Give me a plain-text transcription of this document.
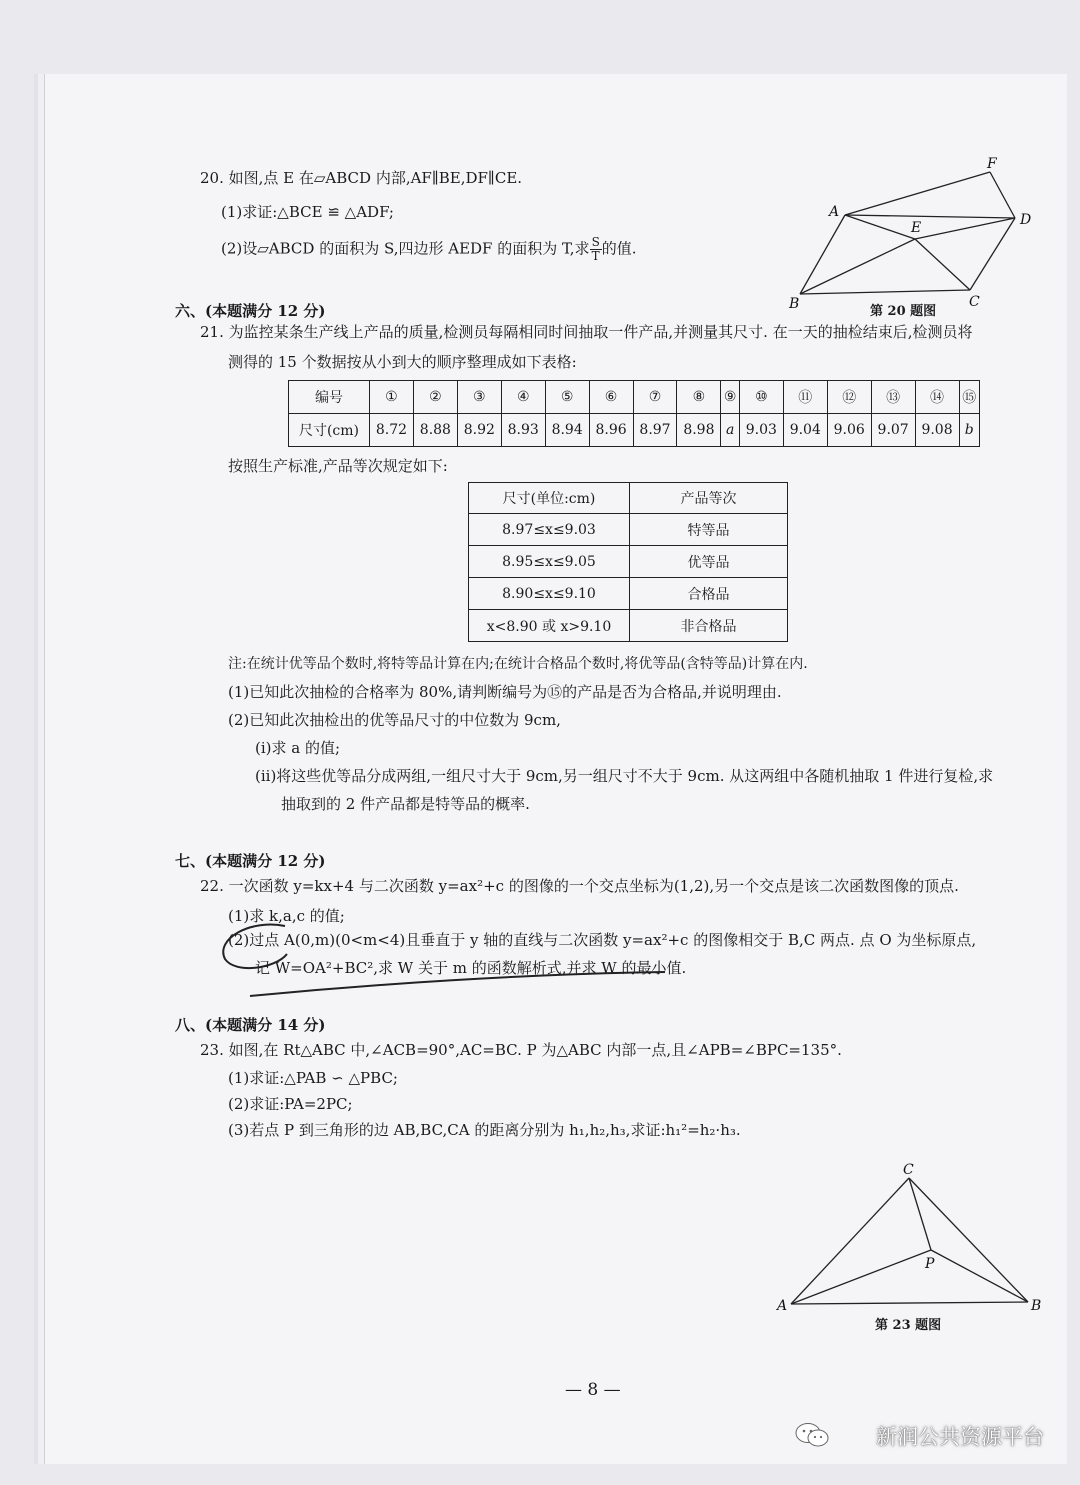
20. 如图,点 E 在▱ABCD 内部,AF∥BE,DF∥CE.
(1)求证:△BCE ≌ △ADF;
(2)设▱ABCD 的面积为 S,四边形 AEDF 的面积为 T,求 $\frac{S}{T}$ 的值.
F
A	D
E
B	C
第 20 题图
六、(本题满分 12 分)
21. 为监控某条生产线上产品的质量,检测员每隔相同时间抽取一件产品,并测量其尺寸. 在一天的抽检结束后,检测员将
测得的 15 个数据按从小到大的顺序整理成如下表格:
编号	①	②	③	④	⑤	⑥	⑦	⑧	⑨	⑩	⑪	⑫	⑬	⑭	⑮
尺寸(cm)	8.72	8.88	8.92	8.93	8.94	8.96	8.97	8.98	a	9.03	9.04	9.06	9.07	9.08	b
按照生产标准,产品等次规定如下:
尺寸(单位:cm)	产品等次
8.97≤x≤9.03	特等品
8.95≤x≤9.05	优等品
8.90≤x≤9.10	合格品
x<8.90 或 x>9.10	非合格品
注:在统计优等品个数时,将特等品计算在内;在统计合格品个数时,将优等品(含特等品)计算在内.
(1)已知此次抽检的合格率为 80%,请判断编号为⑮的产品是否为合格品,并说明理由.
(2)已知此次抽检出的优等品尺寸的中位数为 9cm,
(i)求 a 的值;
(ii)将这些优等品分成两组,一组尺寸大于 9cm,另一组尺寸不大于 9cm. 从这两组中各随机抽取 1 件进行复检,求
抽取到的 2 件产品都是特等品的概率.
七、(本题满分 12 分)
22. 一次函数 y=kx+4 与二次函数 y=ax²+c 的图像的一个交点坐标为(1,2),另一个交点是该二次函数图像的顶点.
(1)求 k,a,c 的值;
(2)过点 A(0,m)(0<m<4)且垂直于 y 轴的直线与二次函数 y=ax²+c 的图像相交于 B,C 两点. 点 O 为坐标原点,
记 W=OA²+BC²,求 W 关于 m 的函数解析式,并求 W 的最小值.
八、(本题满分 14 分)
23. 如图,在 Rt△ABC 中,∠ACB=90°,AC=BC. P 为△ABC 内部一点,且∠APB=∠BPC=135°.
(1)求证:△PAB ∽ △PBC;
(2)求证:PA=2PC;
(3)若点 P 到三角形的边 AB,BC,CA 的距离分别为 h₁,h₂,h₃,求证:h₁²=h₂·h₃.
A	B
C
P
第 23 题图
— 8 —
新润公共资源平台
